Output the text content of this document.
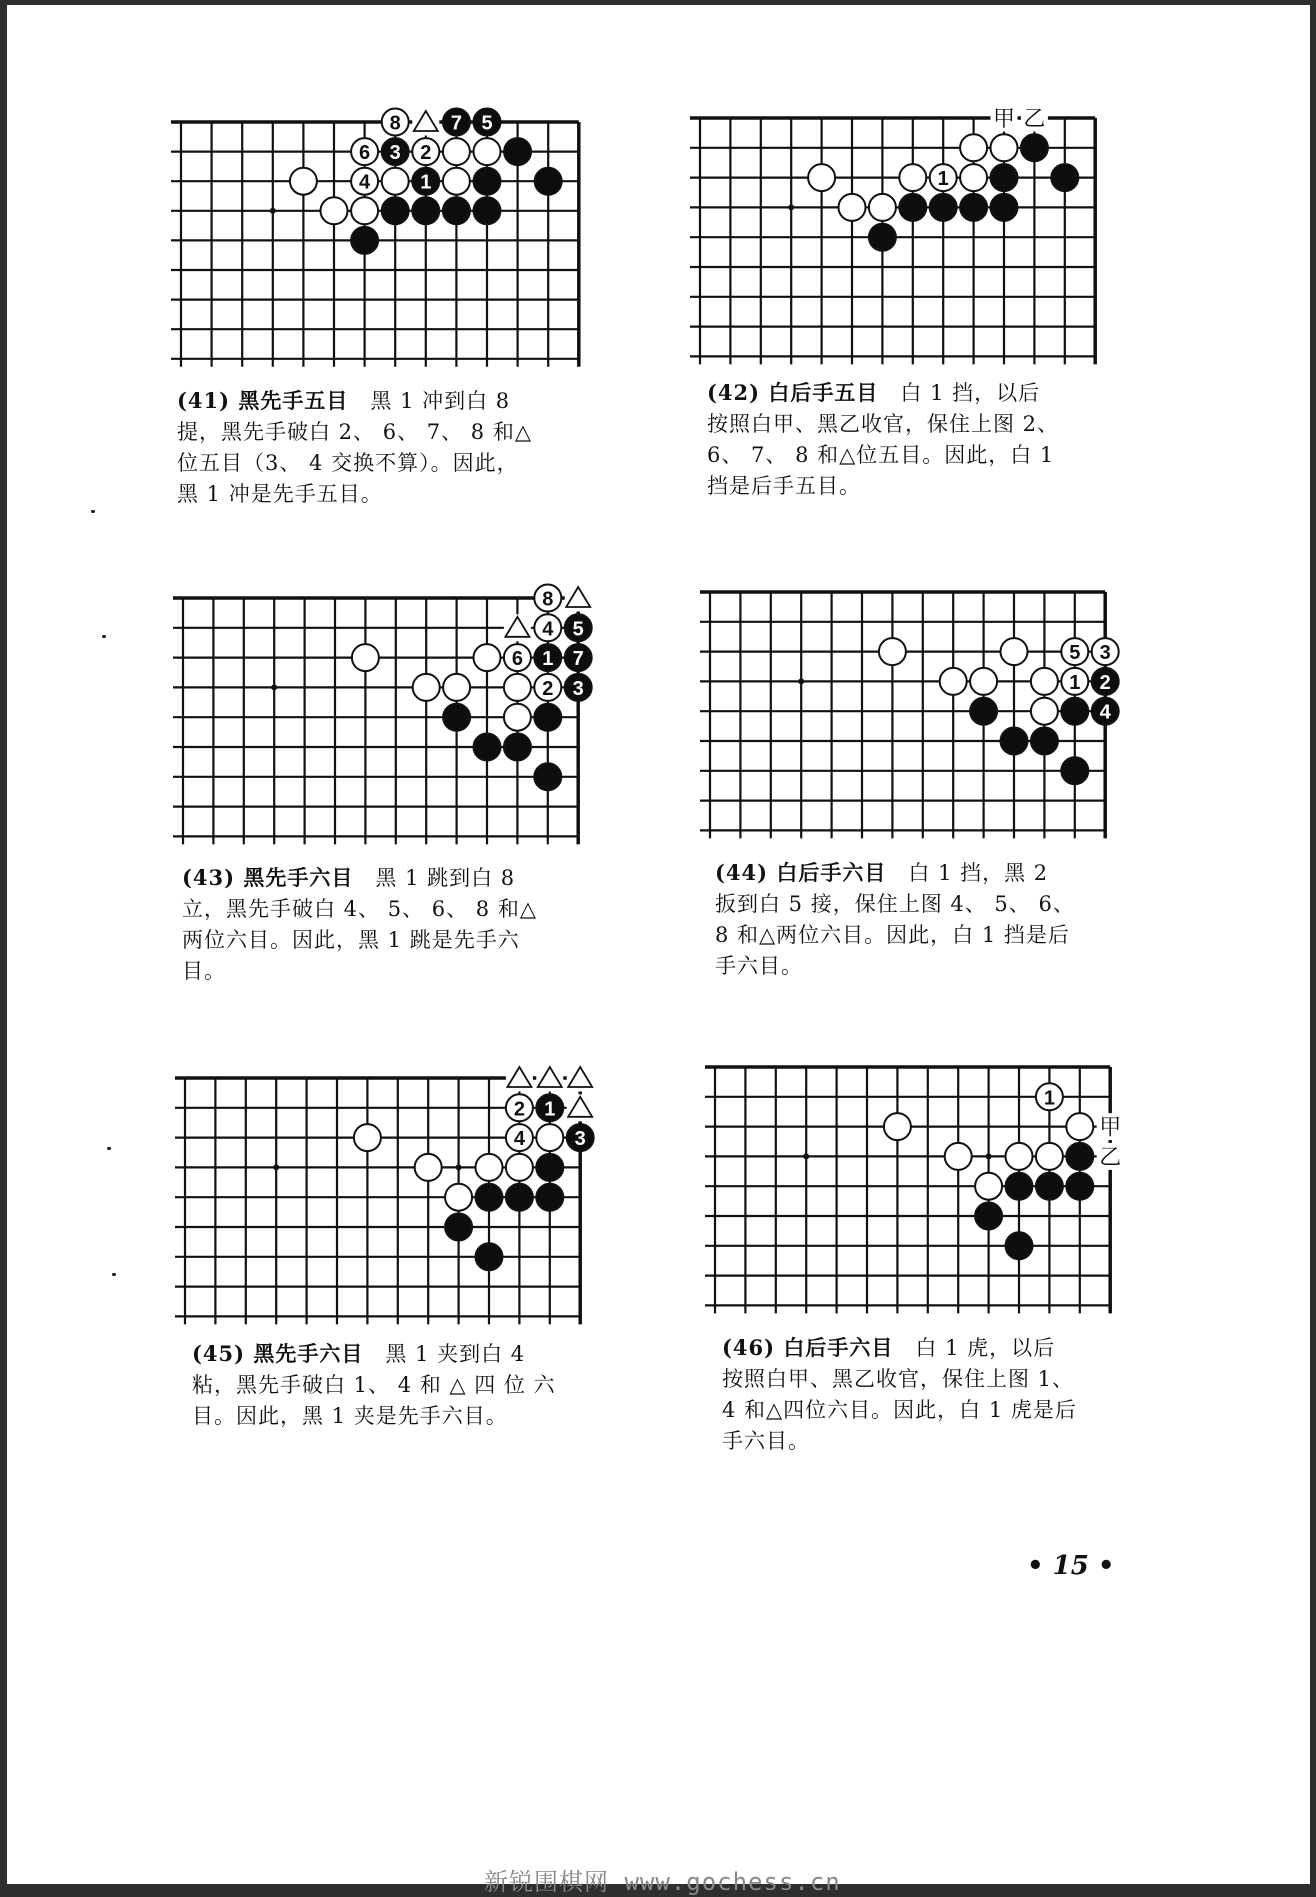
8	7 5
6 3 2
4	1

(41) 黑先手五目　黑 1 冲到白 8

提，黑先手破白 2、 6、 7、 8 和△

位五目（3、 4 交换不算）。因此，

黑 1 冲是先手五目。

甲 乙
1

(42) 白后手五目　白 1 挡，以后

按照白甲、黑乙收官，保住上图 2、

6、 7、 8 和△位五目。因此，白 1

挡是后手五目。

8
4 5
6 1 7
2 3

(43) 黑先手六目　黑 1 跳到白 8

立，黑先手破白 4、 5、 6、 8 和△

两位六目。因此，黑 1 跳是先手六

目。

5 3
1 2
4

(44) 白后手六目　白 1 挡，黑 2

扳到白 5 接，保住上图 4、 5、 6、

8 和△两位六目。因此，白 1 挡是后

手六目。

2 1
4 3

(45) 黑先手六目　黑 1 夹到白 4

粘，黑先手破白 1、 4 和 △ 四 位 六

目。因此，黑 1 夹是先手六目。

1
甲
乙

(46) 白后手六目　白 1 虎，以后

按照白甲、黑乙收官，保住上图 1、

4 和△四位六目。因此，白 1 虎是后

手六目。

• 15 •
新锐围棋网 www.gochess.cn
